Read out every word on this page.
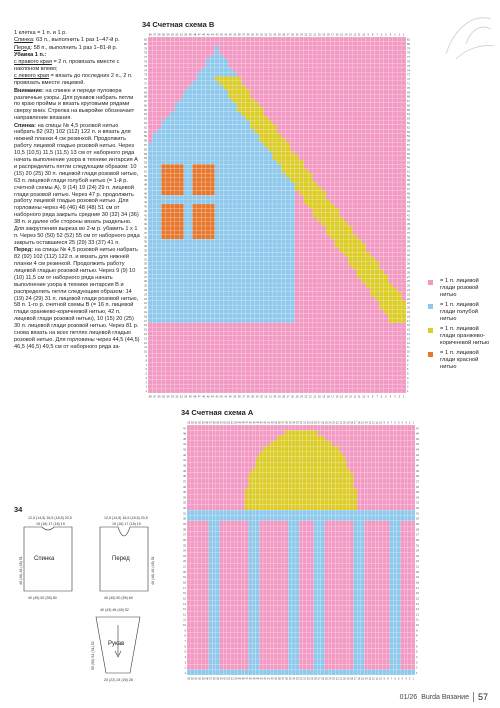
1 клетка = 1 п. и 1 р.

Спинка: 63 п., выполнить 1 раз 1–47-й р.

Перед: 58 п., выполнить 1 раз 1–81-й р.

Убавка 1 п.:

с правого края = 2 п. провязать вместе с наклоном влево;

с левого края = вязать до последних 2 п., 2 п. провязать вместе лицевой.

Внимание: на спинке и переде пуловера различные узоры. Для рукавов набрать петли по краю проймы и вязать круговыми рядами сверху вниз. Стрелка на выкройке обозначает направление вязания.

Спинка: на спицы № 4,5 розовой нитью набрать 82 (92) 102 (112) 122 п. и вязать для нижней планки 4 см резинкой. Продолжить работу лицевой гладью розовой нитью. Через 10,5 (10,5) 11,5 (11,5) 13 см от наборного ряда начать выполнение узора в технике интарсия А и распределить петли следующим образом: 10 (15) 20 (25) 30 п. лицевой глади розовой нитью, 63 п. лицевой глади голубой нитью (= 1-й р. счетной схемы А), 9 (14) 19 (24) 29 п. лицевой глади розовой нитью. Через 47 р. продолжить работу лицевой гладью розовой нитью. Для горловины через 46 (46) 48 (48) 51 см от наборного ряда закрыть средние 30 (32) 34 (36) 38 п. и далее обе стороны вязать раздельно. Для закругления выреза во 2-м р. убавить 1 х 1 п. Через 50 (50) 52 (52) 55 см от наборного ряда закрыть оставшиеся 25 (29) 33 (37) 41 п.

Перед: на спицы № 4,5 розовой нитью набрать 82 (92) 102 (112) 122 п. и вязать для нижней планки 4 см резинкой. Продолжить работу лицевой гладью розовой нитью. Через 9 (9) 10 (10) 11,5 см от наборного ряда начать выполнение узора в технике интарсия В и распределить петли следующим образом: 14 (19) 24 (29) 31 п. лицевой глади розовой нитью, 58 п. 1-го р. счетной схемы В (= 16 п. лицевой глади оранжево-коричневой нитью, 42 п. лицевой глади розовой нитью), 10 (15) 20 (25) 30 п. лицевой глади розовой нитью. Через 81 р. снова вязать на всех петлях лицевой гладью розовой нитью. Для горловины через 44,5 (44,5) 46,5 (46,5) 49,5 см от наборного ряда за-

34 Счетная схема В
58
58
57
57
56
56
55
55
54
54
53
53
52
52
51
51
50
50
49
49
48
48
47
47
46
46
45
45
44
44
43
43
42
42
41
41
40
40
39
39
38
38
37
37
36
36
35
35
34
34
33
33
32
32
31
31
30
30
29
29
28
28
27
27
26
26
25
25
24
24
23
23
22
22
21
21
20
20
19
19
18
18
17
17
16
16
15
15
14
14
13
13
12
12
11
11
10
10
9
9
8
8
7
7
6
6
5
5
4
4
3
3
2
2
1
1
81	81
80	80
79	79
78	78
77	77
76	76
75	75
74	74
73	73
72	72
71	71
70	70
69	69
68	68
67	67
66	66
65	65
64	64
63	63
62	62
61	61
60	60
59	59
58	58
57	57
56	56
55	55
54	54
53	53
52	52
51	51
50	50
49	49
48	48
47	47
46	46
45	45
44	44
43	43
42	42
41	41
40	40
39	39
38	38
37	37
36	36
35	35
34	34
33	33
32	32
31	31
30	30
29	29
28	28
27	27
26	26
25	25
24	24
23	23
22	22
21	21
20	20
19	19
18	18
17	17
16	16
15	15
14	14
13	13
12	12
11	11
10	10
9	9
8	8
7	7
6	6
5	5
4	4
3	3
2	2
1	1
= 1 п. лицевой глади розовой нитью
= 1 п. лицевой глади голубой нитью
= 1 п. лицевой глади оранжево-коричневой нитью
= 1 п. лицевой глади красной нитью
34 Счетная схема А
63
63
62
62
61
61
60
60
59
59
58
58
57
57
56
56
55
55
54
54
53
53
52
52
51
51
50
50
49
49
48
48
47
47
46
46
45
45
44
44
43
43
42
42
41
41
40
40
39
39
38
38
37
37
36
36
35
35
34
34
33
33
32
32
31
31
30
30
29
29
28
28
27
27
26
26
25
25
24
24
23
23
22
22
21
21
20
20
19
19
18
18
17
17
16
16
15
15
14
14
13
13
12
12
11
11
10
10
9
9
8
8
7
7
6
6
5
5
4
4
3
3
2
2
1
1
47	47
46	46
45	45
44	44
43	43
42	42
41	41
40	40
39	39
38	38
37	37
36	36
35	35
34	34
33	33
32	32
31	31
30	30
29	29
28	28
27	27
26	26
25	25
24	24
23	23
22	22
21	21
20	20
19	19
18	18
17	17
16	16
15	15
14	14
13	13
12	12
11	11
10	10
9	9
8	8
7	7
6	6
5	5
4	4
3	3
2	2
1	1
34
12,5 (14,5) 16,5 (18,5) 20,5
15 (16) 17 (18) 19
Спинка
40 (45) 50 (55) 60
46 (46) 48 (48) 51
12,5 (14,5) 16,5 (18,5) 20,5
15 (16) 17 (18) 19
Перед
40 (45) 50 (55) 60
46 (46) 48 (48) 51
40 (43) 46 (49) 52
Рукав
20 (22) 24 (26) 28
50 (50) 51 (51) 52
01/26 Burda Вязание 57
